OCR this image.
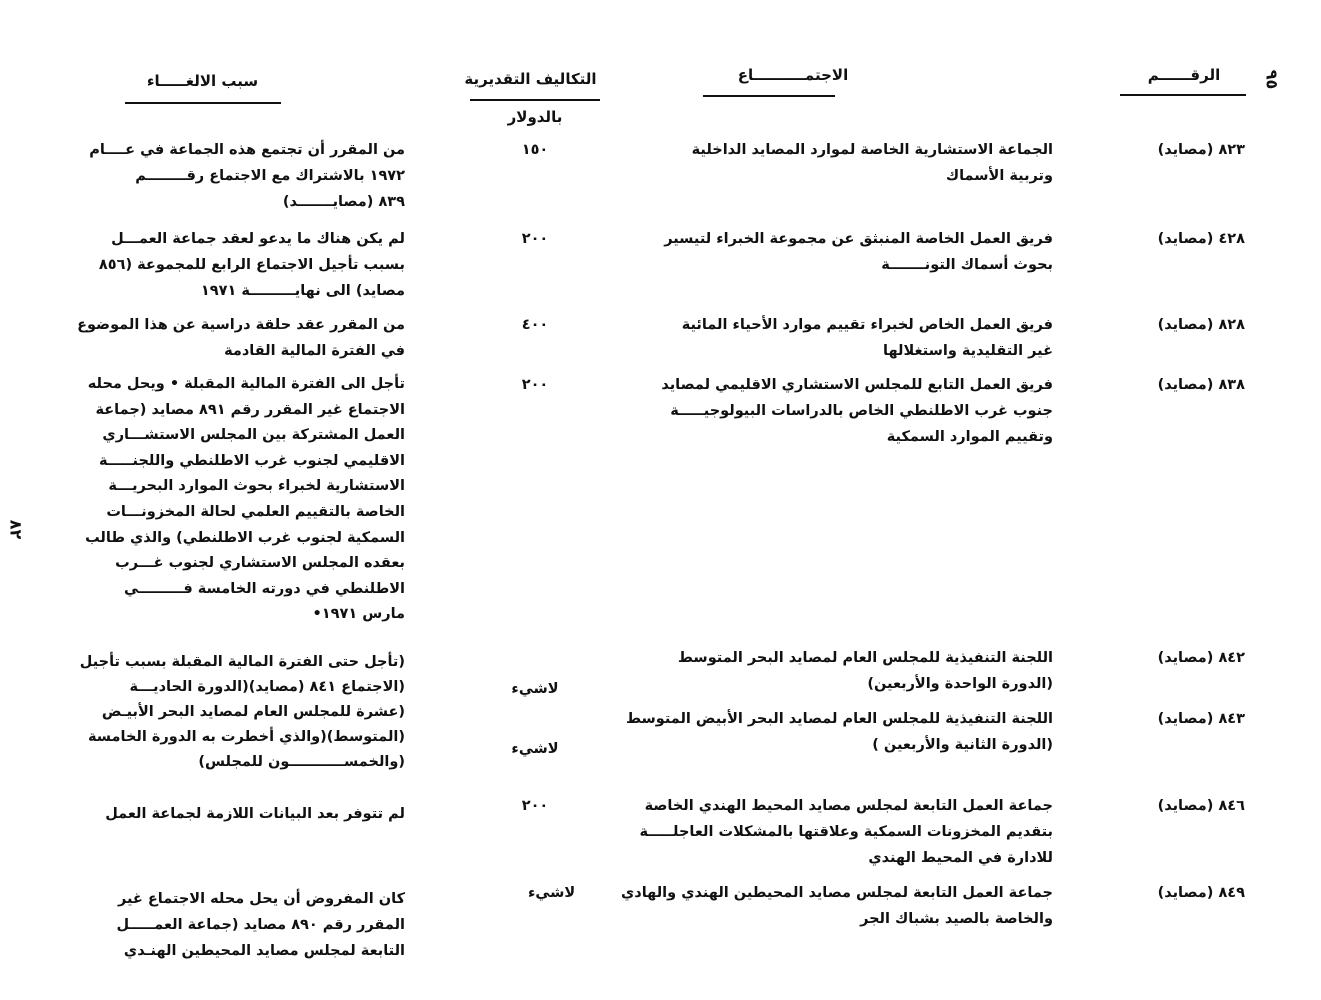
٩٥
٨٢
الرقــــــم
الاجتمــــــــــاع
التكاليف التقديرية
بالدولار
سبب الالغـــــاء
٨٢٣ (مصايد)
الجماعة الاستشارية الخاصة لموارد المصايد الداخلية
وتربية الأسماك
١٥٠
من المقرر أن تجتمع هذه الجماعة في عــــام
١٩٧٢ بالاشتراك مع الاجتماع رقــــــــم
٨٣٩ (مصايـــــــد)
٤٢٨ (مصايد)
فريق العمل الخاصة المنبثق عن مجموعة الخبراء لتيسير
بحوث أسماك التونـــــــة
٢٠٠
لم يكن هناك ما يدعو لعقد جماعة العمـــل
بسبب تأجيل الاجتماع الرابع للمجموعة (٨٥٦
مصايد) الى نهايـــــــــة ١٩٧١
٨٢٨ (مصايد)
فريق العمل الخاص لخبراء تقييم موارد الأحياء المائية
غير التقليدية واستغلالها
٤٠٠
من المقرر عقد حلقة دراسية عن هذا الموضوع
في الفترة المالية القادمة
٨٣٨ (مصايد)
فريق العمل التابع للمجلس الاستشاري الاقليمي لمصايد
جنوب غرب الاطلنطي الخاص بالدراسات البيولوجيـــــة
وتقييم الموارد السمكية
٢٠٠
تأجل الى الفترة المالية المقبلة • ويحل محله
الاجتماع غير المقرر رقم ٨٩١ مصايد (جماعة
العمل المشتركة بين المجلس الاستشـــاري
الاقليمي لجنوب غرب الاطلنطي واللجنـــــة
الاستشارية لخبراء بحوث الموارد البحريـــة
الخاصة بالتقييم العلمي لحالة المخزونـــات
السمكية لجنوب غرب الاطلنطي) والذي طالب
بعقده المجلس الاستشاري لجنوب غـــرب
الاطلنطي في دورته الخامسة فـــــــــي
مارس ١٩٧١•
٨٤٢ (مصايد)
اللجنة التنفيذية للمجلس العام لمصايد البحر المتوسط
(الدورة الواحدة والأربعين)
لاشيء
(تأجل حتى الفترة المالية المقبلة بسبب تأجيل
(الاجتماع ٨٤١ (مصايد)(الدورة الحاديـــة
(عشرة للمجلس العام لمصايد البحر الأبيـض
(المتوسط)(والذي أخطرت به الدورة الخامسة
(والخمســـــــــــون للمجلس)
٨٤٣ (مصايد)
اللجنة التنفيذية للمجلس العام لمصايد البحر الأبيض المتوسط
(الدورة الثانية والأربعين )
لاشيء
٨٤٦ (مصايد)
جماعة العمل التابعة لمجلس مصايد المحيط الهندي الخاصة
بتقديم المخزونات السمكية وعلاقتها بالمشكلات العاجلـــــة
للادارة في المحيط الهندي
٢٠٠
لم تتوفر بعد البيانات اللازمة لجماعة العمل
٨٤٩ (مصايد)
جماعة العمل التابعة لمجلس مصايد المحيطين الهندي والهادي
والخاصة بالصيد بشباك الجر
لاشيء
كان المفروض أن يحل محله الاجتماع غير
المقرر رقم ٨٩٠ مصايد (جماعة العمـــــل
التابعة لمجلس مصايد المحيطين الهنـدي
